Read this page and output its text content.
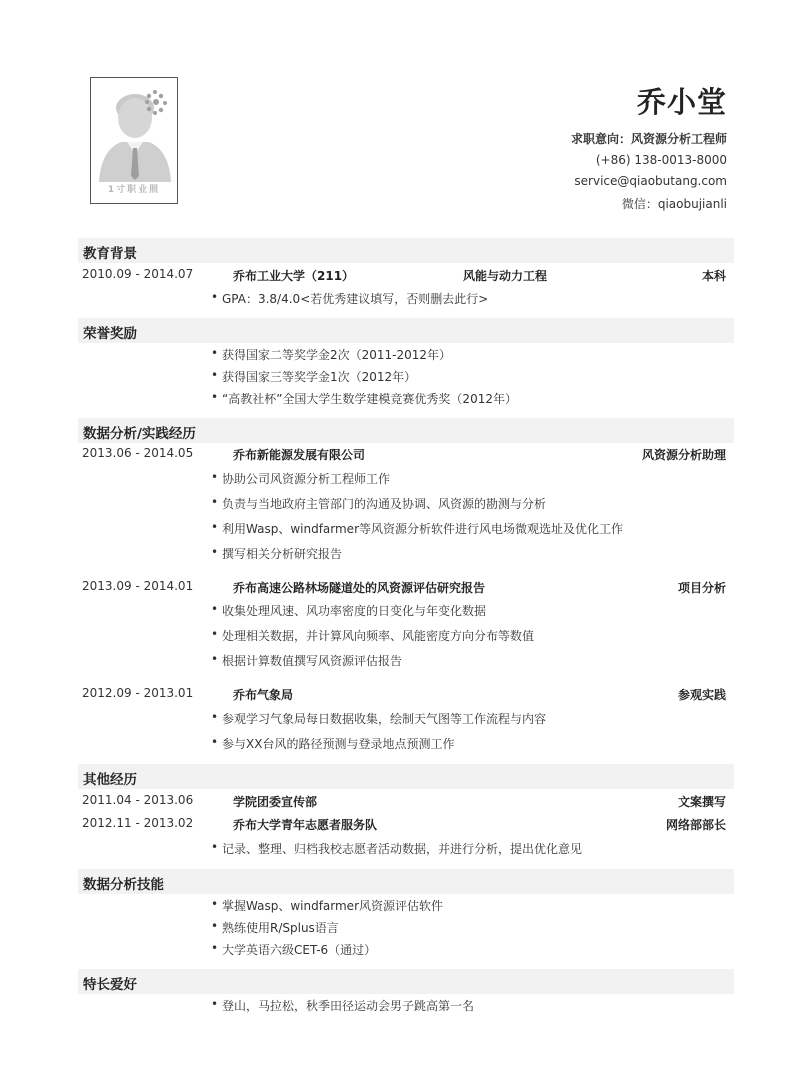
1寸职业照
乔小堂
求职意向：风资源分析工程师
(+86) 138-0013-8000
service@qiaobutang.com
微信：qiaobujianli
教育背景
2010.09 - 2014.07	乔布工业大学（211）	风能与动力工程	本科
• GPA：3.8/4.0<若优秀建议填写，否则删去此行>
荣誉奖励
• 获得国家二等奖学金2次（2011-2012年）
• 获得国家三等奖学金1次（2012年）
• “高教社杯”全国大学生数学建模竞赛优秀奖（2012年）
数据分析/实践经历
2013.06 - 2014.05	乔布新能源发展有限公司	风资源分析助理
• 协助公司风资源分析工程师工作
• 负责与当地政府主管部门的沟通及协调、风资源的勘测与分析
• 利用Wasp、windfarmer等风资源分析软件进行风电场微观选址及优化工作
• 撰写相关分析研究报告
2013.09 - 2014.01	乔布高速公路林场隧道处的风资源评估研究报告	项目分析
• 收集处理风速、风功率密度的日变化与年变化数据
• 处理相关数据，并计算风向频率、风能密度方向分布等数值
• 根据计算数值撰写风资源评估报告
2012.09 - 2013.01	乔布气象局	参观实践
• 参观学习气象局每日数据收集，绘制天气图等工作流程与内容
• 参与XX台风的路径预测与登录地点预测工作
其他经历
2011.04 - 2013.06	学院团委宣传部	文案撰写
2012.11 - 2013.02	乔布大学青年志愿者服务队	网络部部长
• 记录、整理、归档我校志愿者活动数据，并进行分析，提出优化意见
数据分析技能
• 掌握Wasp、windfarmer风资源评估软件
• 熟练使用R/Splus语言
• 大学英语六级CET-6（通过）
特长爱好
• 登山，马拉松，秋季田径运动会男子跳高第一名
